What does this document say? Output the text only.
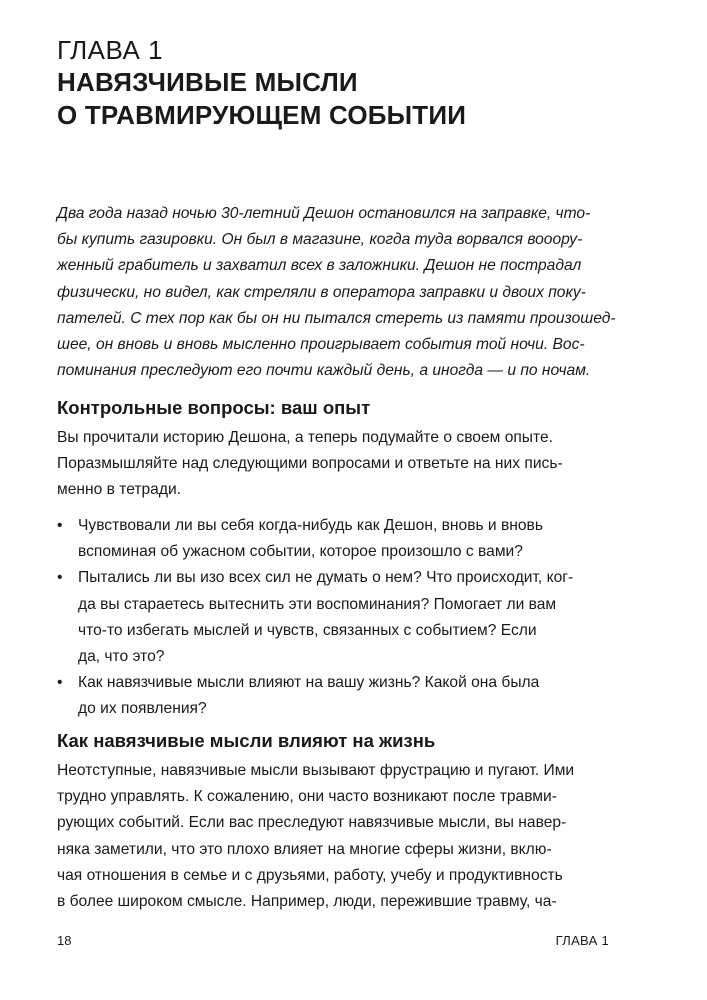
ГЛАВА 1
НАВЯЗЧИВЫЕ МЫСЛИ
О ТРАВМИРУЮЩЕМ СОБЫТИИ
Два года назад ночью 30-летний Дешон остановился на заправке, что-
бы купить газировки. Он был в магазине, когда туда ворвался вооору-
женный грабитель и захватил всех в заложники. Дешон не пострадал
физически, но видел, как стреляли в оператора заправки и двоих поку-
пателей. С тех пор как бы он ни пытался стереть из памяти произошед-
шее, он вновь и вновь мысленно проигрывает события той ночи. Вос-
поминания преследуют его почти каждый день, а иногда — и по ночам.
Контрольные вопросы: ваш опыт
Вы прочитали историю Дешона, а теперь подумайте о своем опыте.
Поразмышляйте над следующими вопросами и ответьте на них пись-
менно в тетради.
• Чувствовали ли вы себя когда-нибудь как Дешон, вновь и вновь
вспоминая об ужасном событии, которое произошло с вами?
• Пытались ли вы изо всех сил не думать о нем? Что происходит, ког-
да вы стараетесь вытеснить эти воспоминания? Помогает ли вам
что-то избегать мыслей и чувств, связанных с событием? Если
да, что это?
• Как навязчивые мысли влияют на вашу жизнь? Какой она была
до их появления?
Как навязчивые мысли влияют на жизнь
Неотступные, навязчивые мысли вызывают фрустрацию и пугают. Ими
трудно управлять. К сожалению, они часто возникают после травми-
рующих событий. Если вас преследуют навязчивые мысли, вы навер-
няка заметили, что это плохо влияет на многие сферы жизни, вклю-
чая отношения в семье и с друзьями, работу, учебу и продуктивность
в более широком смысле. Например, люди, пережившие травму, ча-
18	ГЛАВА 1
